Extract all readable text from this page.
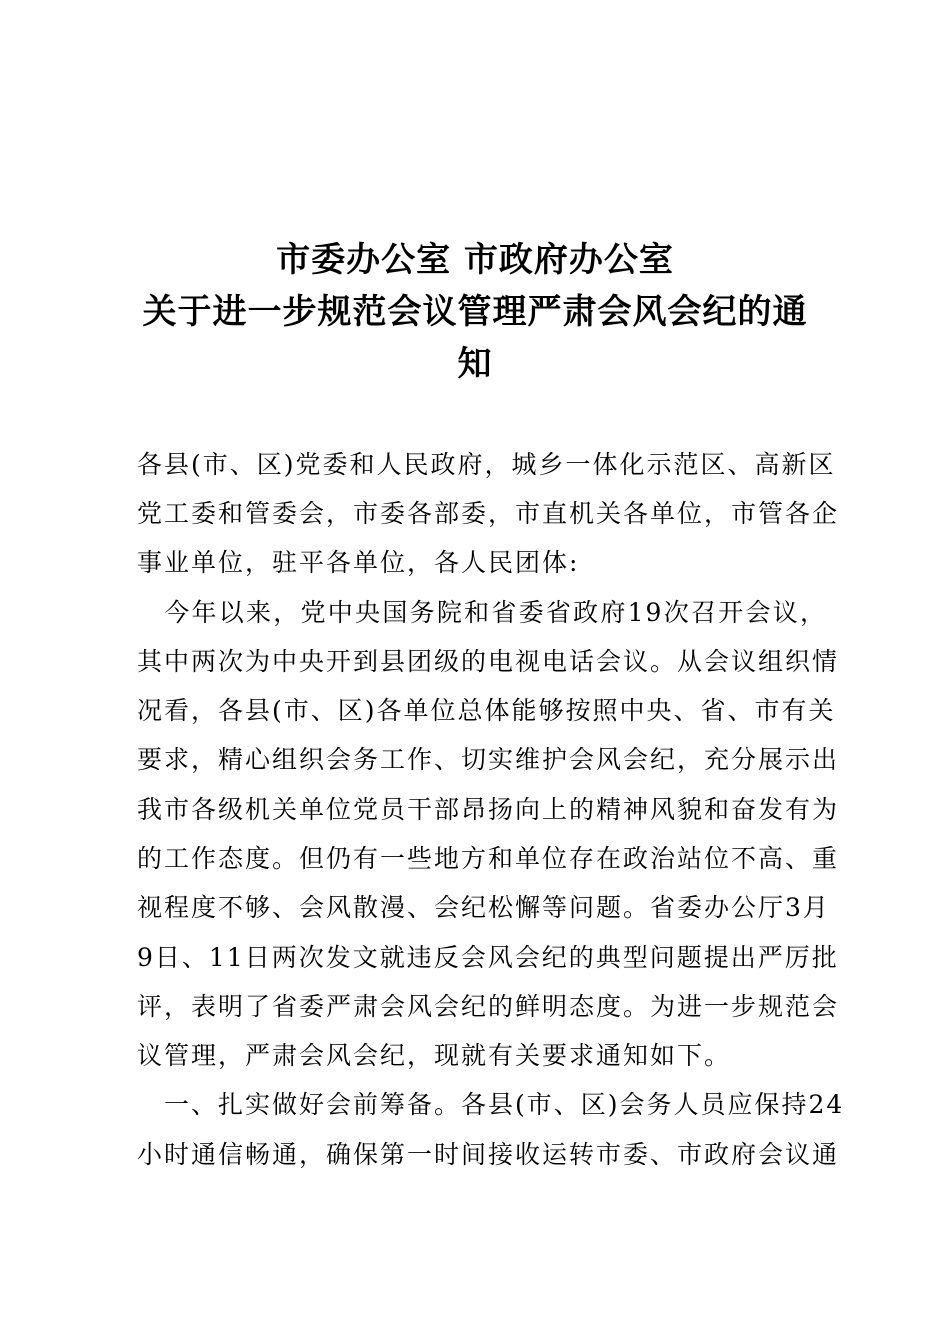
市委办公室 市政府办公室
关于进一步规范会议管理严肃会风会纪的通
知
各县(市、区)党委和人民政府，城乡一体化示范区、高新区
党工委和管委会，市委各部委，市直机关各单位，市管各企
事业单位，驻平各单位，各人民团体:
　今年以来，党中央国务院和省委省政府19次召开会议，
其中两次为中央开到县团级的电视电话会议。从会议组织情
况看，各县(市、区)各单位总体能够按照中央、省、市有关
要求，精心组织会务工作、切实维护会风会纪，充分展示出
我市各级机关单位党员干部昂扬向上的精神风貌和奋发有为
的工作态度。但仍有一些地方和单位存在政治站位不高、重
视程度不够、会风散漫、会纪松懈等问题。省委办公厅3月
9日、11日两次发文就违反会风会纪的典型问题提出严厉批
评，表明了省委严肃会风会纪的鲜明态度。为进一步规范会
议管理，严肃会风会纪，现就有关要求通知如下。
　一、扎实做好会前筹备。各县(市、区)会务人员应保持24
小时通信畅通，确保第一时间接收运转市委、市政府会议通
